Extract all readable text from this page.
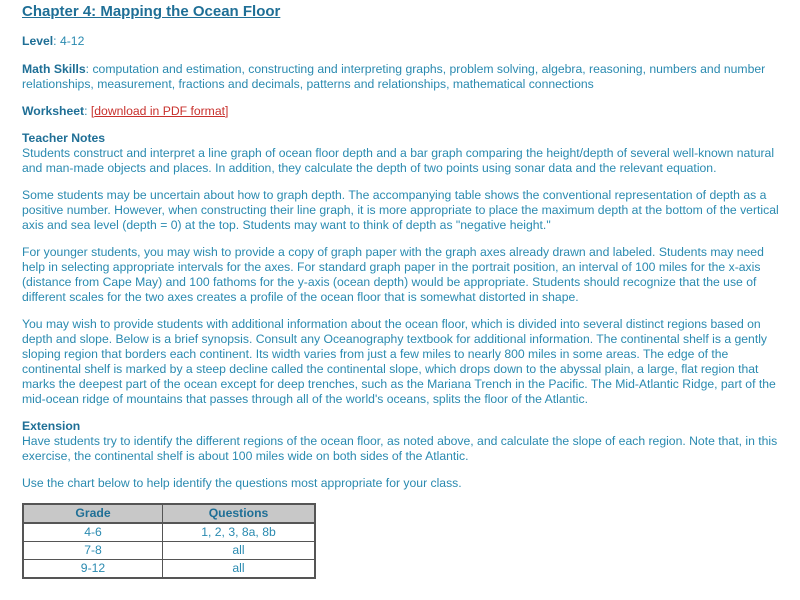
Chapter 4: Mapping the Ocean Floor

Level: 4-12

Math Skills: computation and estimation, constructing and interpreting graphs, problem solving, algebra, reasoning, numbers and number relationships, measurement, fractions and decimals, patterns and relationships, mathematical connections

Worksheet: [download in PDF format]

Teacher Notes

Students construct and interpret a line graph of ocean floor depth and a bar graph comparing the height/depth of several well-known natural and man-made objects and places. In addition, they calculate the depth of two points using sonar data and the relevant equation.

Some students may be uncertain about how to graph depth. The accompanying table shows the conventional representation of depth as a positive number. However, when constructing their line graph, it is more appropriate to place the maximum depth at the bottom of the vertical axis and sea level (depth = 0) at the top. Students may want to think of depth as "negative height."

For younger students, you may wish to provide a copy of graph paper with the graph axes already drawn and labeled. Students may need help in selecting appropriate intervals for the axes. For standard graph paper in the portrait position, an interval of 100 miles for the x-axis (distance from Cape May) and 100 fathoms for the y-axis (ocean depth) would be appropriate. Students should recognize that the use of different scales for the two axes creates a profile of the ocean floor that is somewhat distorted in shape.

You may wish to provide students with additional information about the ocean floor, which is divided into several distinct regions based on depth and slope. Below is a brief synopsis. Consult any Oceanography textbook for additional information. The continental shelf is a gently sloping region that borders each continent. Its width varies from just a few miles to nearly 800 miles in some areas. The edge of the continental shelf is marked by a steep decline called the continental slope, which drops down to the abyssal plain, a large, flat region that marks the deepest part of the ocean except for deep trenches, such as the Mariana Trench in the Pacific. The Mid-Atlantic Ridge, part of the mid-ocean ridge of mountains that passes through all of the world's oceans, splits the floor of the Atlantic.

Extension

Have students try to identify the different regions of the ocean floor, as noted above, and calculate the slope of each region. Note that, in this exercise, the continental shelf is about 100 miles wide on both sides of the Atlantic.

Use the chart below to help identify the questions most appropriate for your class.

Grade	Questions
4-6	1, 2, 3, 8a, 8b
7-8	all
9-12	all
